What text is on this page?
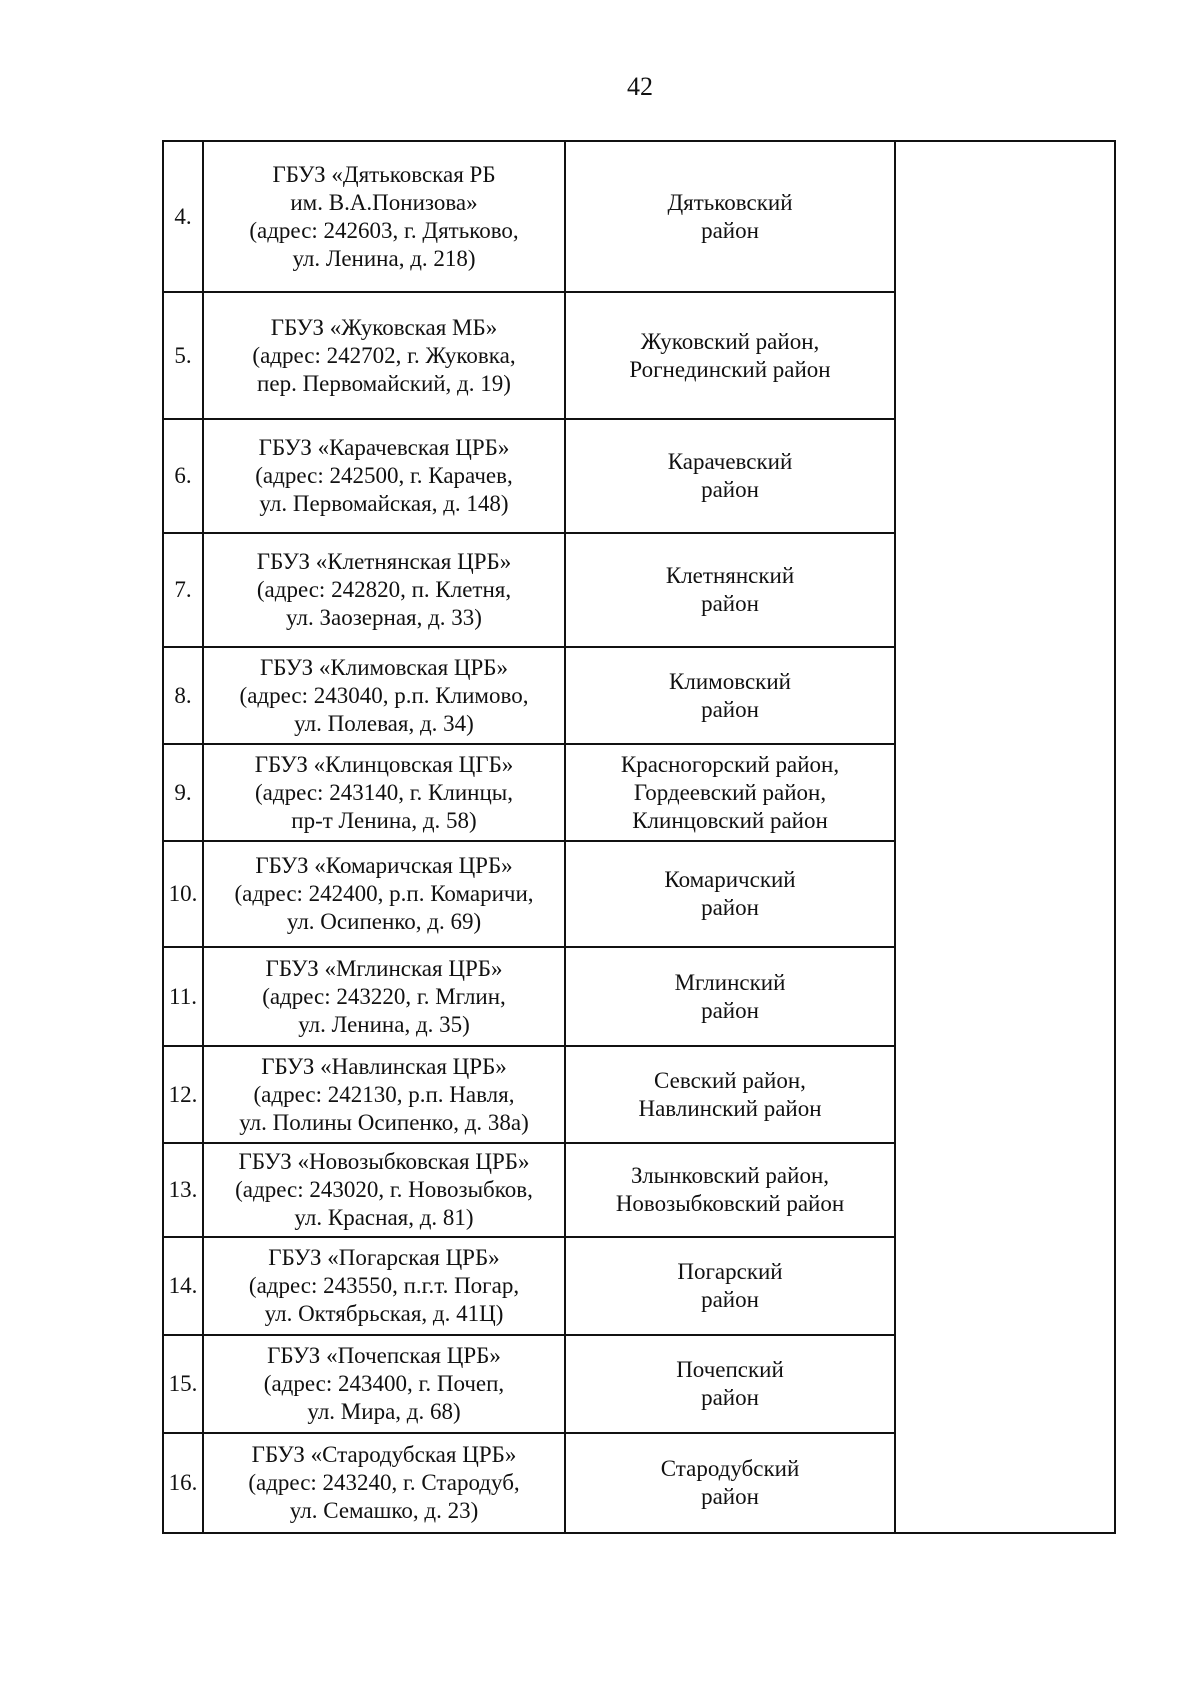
42
4.	ГБУЗ «Дятьковская РБ
им. В.А.Понизова»
(адрес: 242603, г. Дятьково,
ул. Ленина, д. 218)	Дятьковский
район	

5.	ГБУЗ «Жуковская МБ»
(адрес: 242702, г. Жуковка,
пер. Первомайский, д. 19)	Жуковский район,
Рогнединский район	

6.	ГБУЗ «Карачевская ЦРБ»
(адрес: 242500, г. Карачев,
ул. Первомайская, д. 148)	Карачевский
район	

7.	ГБУЗ «Клетнянская ЦРБ»
(адрес: 242820, п. Клетня,
ул. Заозерная, д. 33)	Клетнянский
район	

8.	ГБУЗ «Климовская ЦРБ»
(адрес: 243040, р.п. Климово,
ул. Полевая, д. 34)	Климовский
район	

9.	ГБУЗ «Клинцовская ЦГБ»
(адрес: 243140, г. Клинцы,
пр-т Ленина, д. 58)	Красногорский район,
Гордеевский район,
Клинцовский район	

10.	ГБУЗ «Комаричская ЦРБ»
(адрес: 242400, р.п. Комаричи,
ул. Осипенко, д. 69)	Комаричский
район	

11.	ГБУЗ «Мглинская ЦРБ»
(адрес: 243220, г. Мглин,
ул. Ленина, д. 35)	Мглинский
район	

12.	ГБУЗ «Навлинская ЦРБ»
(адрес: 242130, р.п. Навля,
ул. Полины Осипенко, д. 38а)	Севский район,
Навлинский район	

13.	ГБУЗ «Новозыбковская ЦРБ»
(адрес: 243020, г. Новозыбков,
ул. Красная, д. 81)	Злынковский район,
Новозыбковский район	

14.	ГБУЗ «Погарская ЦРБ»
(адрес: 243550, п.г.т. Погар,
ул. Октябрьская, д. 41Ц)	Погарский
район	

15.	ГБУЗ «Почепская ЦРБ»
(адрес: 243400, г. Почеп,
ул. Мира, д. 68)	Почепский
район	

16.	ГБУЗ «Стародубская ЦРБ»
(адрес: 243240, г. Стародуб,
ул. Семашко, д. 23)	Стародубский
район	
